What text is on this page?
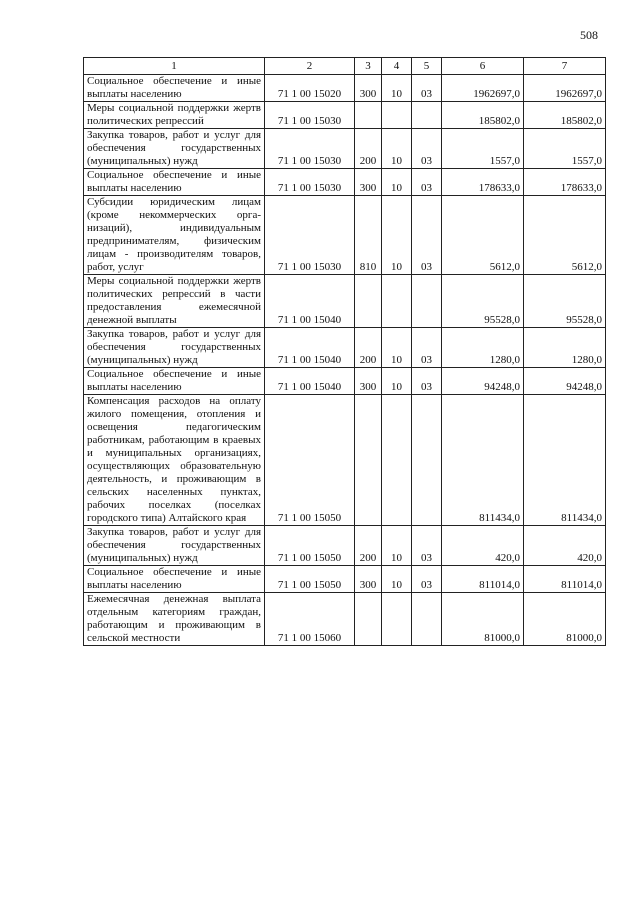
508
1	2	3	4	5	6	7
Социальное обеспечение и иные выплаты населению	71 1 00 15020	300	10	03	1962697,0	1962697,0
Меры социальной поддержки жертв политических репрессий	71 1 00 15030				185802,0	185802,0
Закупка товаров, работ и услуг для обеспечения государственных (муниципальных) нужд	71 1 00 15030	200	10	03	1557,0	1557,0
Социальное обеспечение и иные выплаты населению	71 1 00 15030	300	10	03	178633,0	178633,0
Субсидии юридическим лицам (кроме некоммерческих организаций), индивидуальным предпринимателям, физическим лицам - производителям товаров, работ, услуг	71 1 00 15030	810	10	03	5612,0	5612,0
Меры социальной поддержки жертв политических репрессий в части предоставления ежемесячной денежной выплаты	71 1 00 15040				95528,0	95528,0
Закупка товаров, работ и услуг для обеспечения государственных (муниципальных) нужд	71 1 00 15040	200	10	03	1280,0	1280,0
Социальное обеспечение и иные выплаты населению	71 1 00 15040	300	10	03	94248,0	94248,0
Компенсация расходов на оплату жилого помещения, отопления и освещения педагогическим работникам, работающим в краевых и муниципальных организациях, осуществляющих образовательную деятельность, и проживающим в сельских населенных пунктах, рабочих поселках (поселках городского типа) Алтайского края	71 1 00 15050				811434,0	811434,0
Закупка товаров, работ и услуг для обеспечения государственных (муниципальных) нужд	71 1 00 15050	200	10	03	420,0	420,0
Социальное обеспечение и иные выплаты населению	71 1 00 15050	300	10	03	811014,0	811014,0
Ежемесячная денежная выплата отдельным категориям граждан, работающим и проживающим в сельской местности	71 1 00 15060				81000,0	81000,0
